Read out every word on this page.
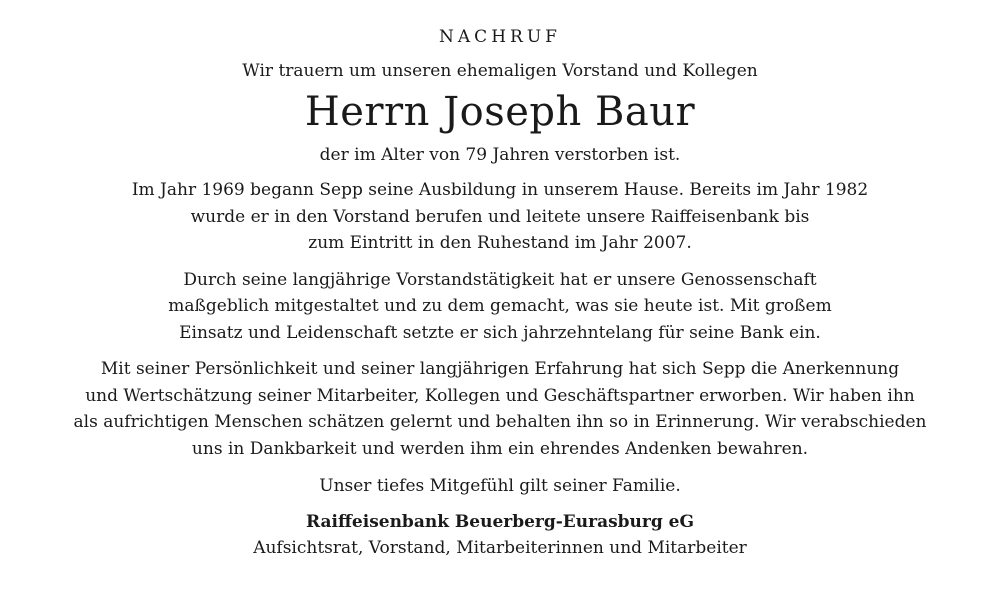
NACHRUF

Wir trauern um unseren ehemaligen Vorstand und Kollegen

Herrn Joseph Baur

der im Alter von 79 Jahren verstorben ist.

Im Jahr 1969 begann Sepp seine Ausbildung in unserem Hause. Bereits im Jahr 1982
wurde er in den Vorstand berufen und leitete unsere Raiffeisenbank bis
zum Eintritt in den Ruhestand im Jahr 2007.

Durch seine langjährige Vorstandstätigkeit hat er unsere Genossenschaft
maßgeblich mitgestaltet und zu dem gemacht, was sie heute ist. Mit großem
Einsatz und Leidenschaft setzte er sich jahrzehntelang für seine Bank ein.

Mit seiner Persönlichkeit und seiner langjährigen Erfahrung hat sich Sepp die Anerkennung
und Wertschätzung seiner Mitarbeiter, Kollegen und Geschäftspartner erworben. Wir haben ihn
als aufrichtigen Menschen schätzen gelernt und behalten ihn so in Erinnerung. Wir verabschieden
uns in Dankbarkeit und werden ihm ein ehrendes Andenken bewahren.

Unser tiefes Mitgefühl gilt seiner Familie.

Raiffeisenbank Beuerberg-Eurasburg eG

Aufsichtsrat, Vorstand, Mitarbeiterinnen und Mitarbeiter
